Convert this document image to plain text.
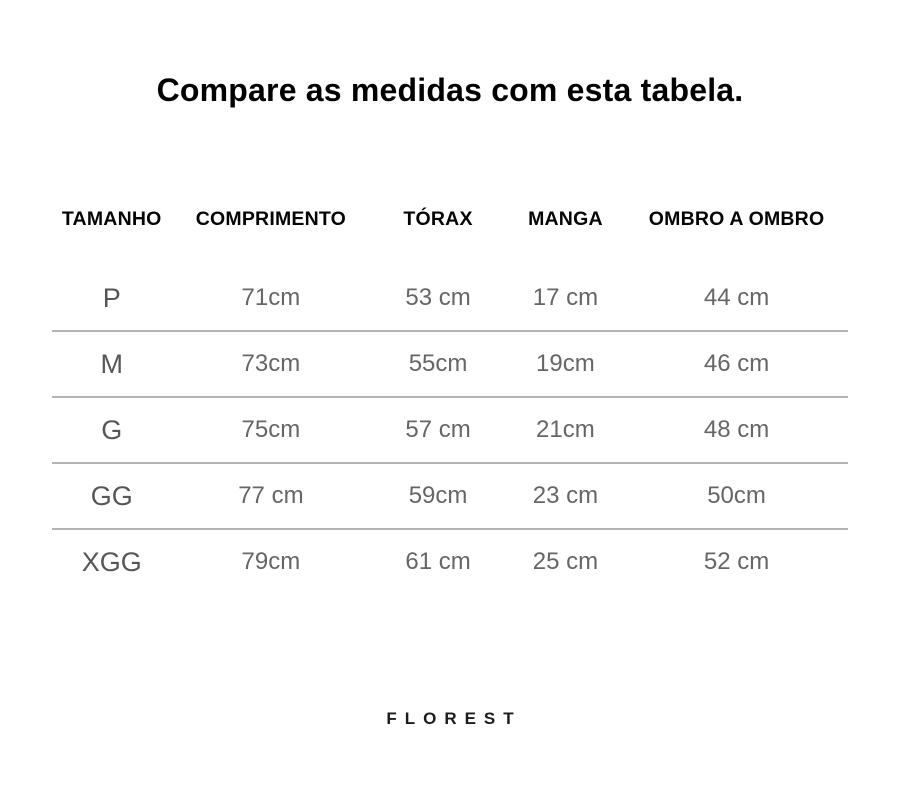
Compare as medidas com esta tabela.
TAMANHO	COMPRIMENTO	TÓRAX	MANGA	OMBRO A OMBRO
P	71cm	53 cm	17 cm	44 cm
M	73cm	55cm	19cm	46 cm
G	75cm	57 cm	21cm	48 cm
GG	77 cm	59cm	23 cm	50cm
XGG	79cm	61 cm	25 cm	52 cm
FLOREST
